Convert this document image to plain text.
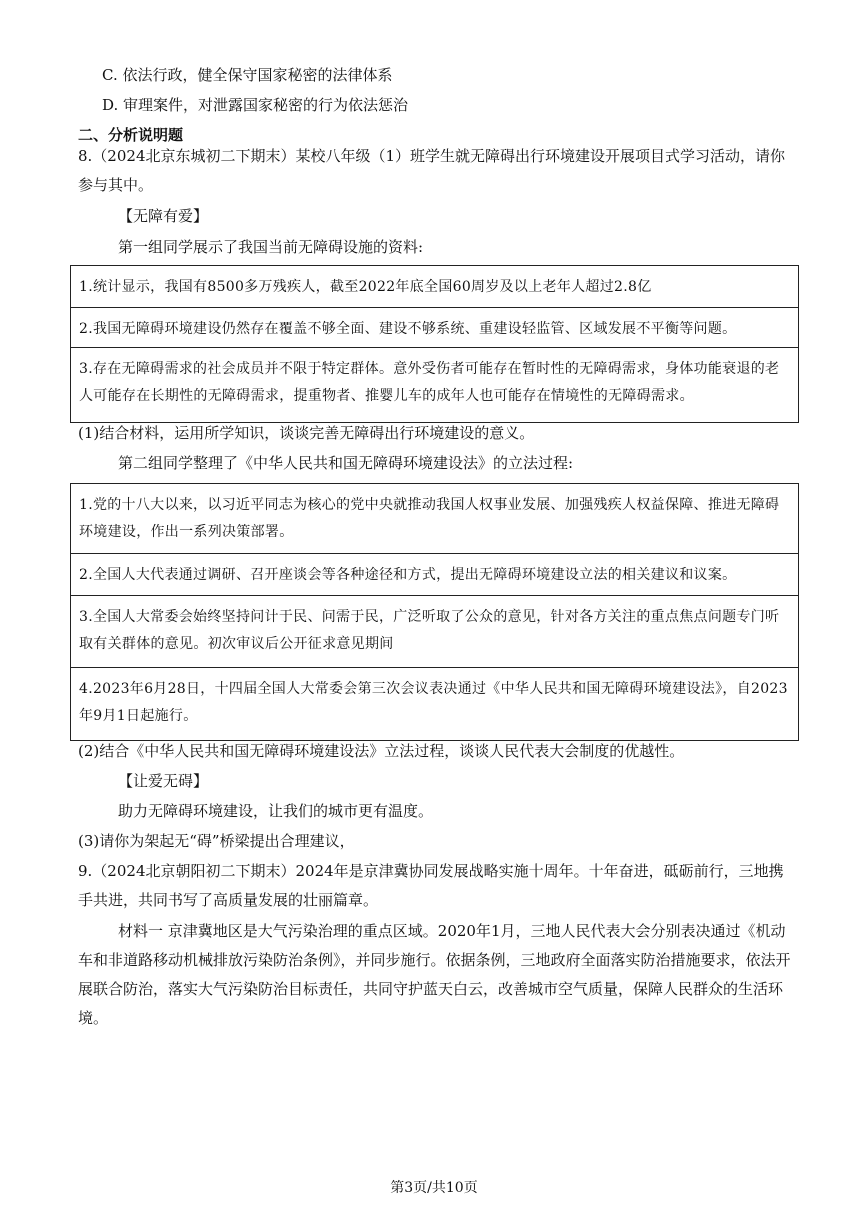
C. 依法行政，健全保守国家秘密的法律体系
D. 审理案件，对泄露国家秘密的行为依法惩治
二、分析说明题
8.（2024北京东城初二下期末）某校八年级（1）班学生就无障碍出行环境建设开展项目式学习活动，请你
参与其中。
【无障有爱】
第一组同学展示了我国当前无障碍设施的资料:
1.统计显示，我国有8500多万残疾人，截至2022年底全国60周岁及以上老年人超过2.8亿
2.我国无障碍环境建设仍然存在覆盖不够全面、建设不够系统、重建设轻监管、区域发展不平衡等问题。
3.存在无障碍需求的社会成员并不限于特定群体。意外受伤者可能存在暂时性的无障碍需求，身体功能衰退的老人可能存在长期性的无障碍需求，提重物者、推婴儿车的成年人也可能存在情境性的无障碍需求。
(1)结合材料，运用所学知识，谈谈完善无障碍出行环境建设的意义。
第二组同学整理了《中华人民共和国无障碍环境建设法》的立法过程:
1.党的十八大以来，以习近平同志为核心的党中央就推动我国人权事业发展、加强残疾人权益保障、推进无障碍环境建设，作出一系列决策部署。
2.全国人大代表通过调研、召开座谈会等各种途径和方式，提出无障碍环境建设立法的相关建议和议案。
3.全国人大常委会始终坚持问计于民、问需于民，广泛听取了公众的意见，针对各方关注的重点焦点问题专门听取有关群体的意见。初次审议后公开征求意见期间
4.2023年6月28日，十四届全国人大常委会第三次会议表决通过《中华人民共和国无障碍环境建设法》，自2023年9月1日起施行。
(2)结合《中华人民共和国无障碍环境建设法》立法过程，谈谈人民代表大会制度的优越性。
【让爱无碍】
助力无障碍环境建设，让我们的城市更有温度。
(3)请你为架起无“碍”桥梁提出合理建议，
9.（2024北京朝阳初二下期末）2024年是京津冀协同发展战略实施十周年。十年奋进，砥砺前行，三地携
手共进，共同书写了高质量发展的壮丽篇章。
材料一 京津冀地区是大气污染治理的重点区域。2020年1月，三地人民代表大会分别表决通过《机动车和非道路移动机械排放污染防治条例》，并同步施行。依据条例，三地政府全面落实防治措施要求，依法开展联合防治，落实大气污染防治目标责任，共同守护蓝天白云，改善城市空气质量，保障人民群众的生活环境。
第3页/共10页
